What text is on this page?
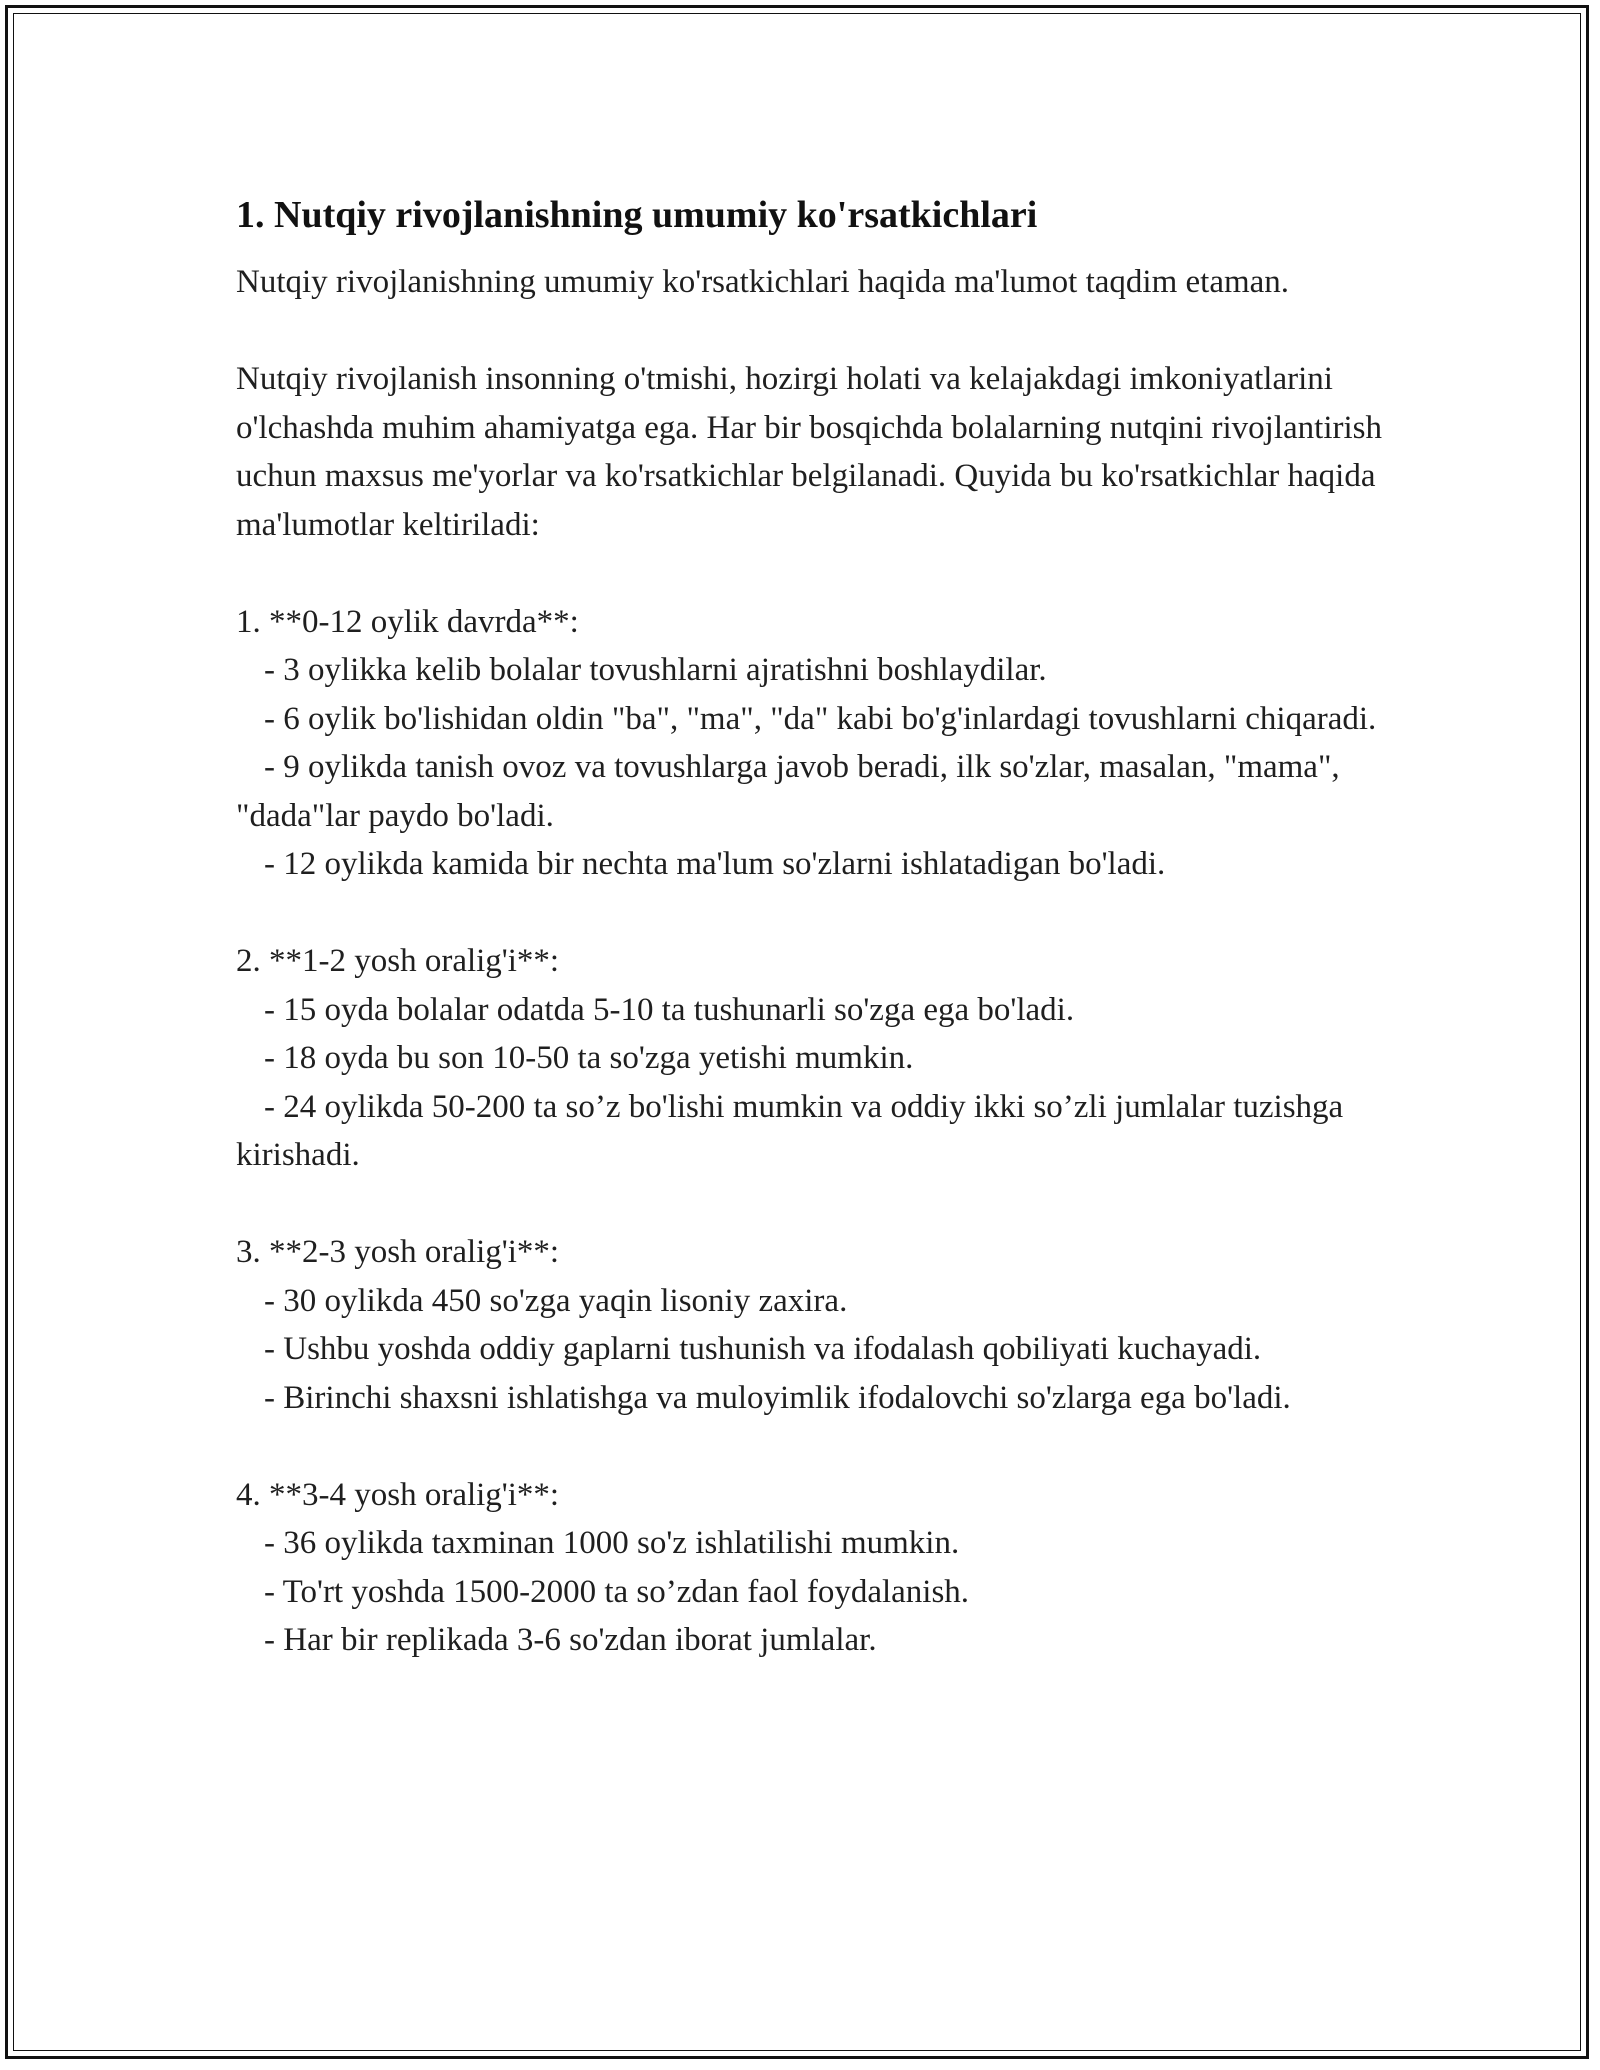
1. Nutqiy rivojlanishning umumiy ko'rsatkichlari

Nutqiy rivojlanishning umumiy ko'rsatkichlari haqida ma'lumot taqdim etaman.

Nutqiy rivojlanish insonning o'tmishi, hozirgi holati va kelajakdagi imkoniyatlarini o'lchashda muhim ahamiyatga ega. Har bir bosqichda bolalarning nutqini rivojlantirish uchun maxsus me'yorlar va ko'rsatkichlar belgilanadi. Quyida bu ko'rsatkichlar haqida ma'lumotlar keltiriladi:

1. **0-12 oylik davrda**:

- 3 oylikka kelib bolalar tovushlarni ajratishni boshlaydilar.

- 6 oylik bo'lishidan oldin "ba", "ma", "da" kabi bo'g'inlardagi tovushlarni chiqaradi.

- 9 oylikda tanish ovoz va tovushlarga javob beradi, ilk so'zlar, masalan, "mama", "dada"lar paydo bo'ladi.

- 12 oylikda kamida bir nechta ma'lum so'zlarni ishlatadigan bo'ladi.

2. **1-2 yosh oralig'i**:

- 15 oyda bolalar odatda 5-10 ta tushunarli so'zga ega bo'ladi.

- 18 oyda bu son 10-50 ta so'zga yetishi mumkin.

- 24 oylikda 50-200 ta so’z bo'lishi mumkin va oddiy ikki so’zli jumlalar tuzishga kirishadi.

3. **2-3 yosh oralig'i**:

- 30 oylikda 450 so'zga yaqin lisoniy zaxira.

- Ushbu yoshda oddiy gaplarni tushunish va ifodalash qobiliyati kuchayadi.

- Birinchi shaxsni ishlatishga va muloyimlik ifodalovchi so'zlarga ega bo'ladi.

4. **3-4 yosh oralig'i**:

- 36 oylikda taxminan 1000 so'z ishlatilishi mumkin.

- To'rt yoshda 1500-2000 ta so’zdan faol foydalanish.

- Har bir replikada 3-6 so'zdan iborat jumlalar.
